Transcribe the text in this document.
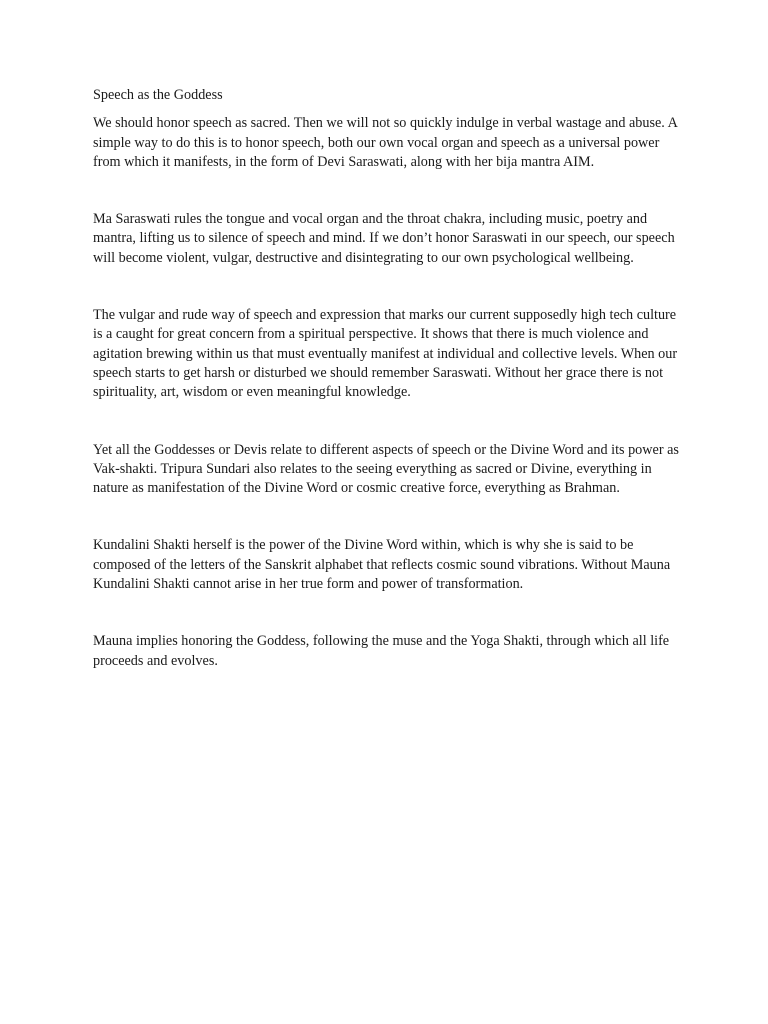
Speech as the Goddess

We should honor speech as sacred. Then we will not so quickly indulge in verbal wastage and abuse. A simple way to do this is to honor speech, both our own vocal organ and speech as a universal power from which it manifests, in the form of Devi Saraswati, along with her bija mantra AIM.

Ma Saraswati rules the tongue and vocal organ and the throat chakra, including music, poetry and mantra, lifting us to silence of speech and mind. If we don’t honor Saraswati in our speech, our speech will become violent, vulgar, destructive and disintegrating to our own psychological wellbeing.

The vulgar and rude way of speech and expression that marks our current supposedly high tech culture is a caught for great concern from a spiritual perspective. It shows that there is much violence and agitation brewing within us that must eventually manifest at individual and collective levels. When our speech starts to get harsh or disturbed we should remember Saraswati. Without her grace there is not spirituality, art, wisdom or even meaningful knowledge.

Yet all the Goddesses or Devis relate to different aspects of speech or the Divine Word and its power as Vak-shakti. Tripura Sundari also relates to the seeing everything as sacred or Divine, everything in nature as manifestation of the Divine Word or cosmic creative force, everything as Brahman.

Kundalini Shakti herself is the power of the Divine Word within, which is why she is said to be composed of the letters of the Sanskrit alphabet that reflects cosmic sound vibrations. Without Mauna Kundalini Shakti cannot arise in her true form and power of transformation.

Mauna implies honoring the Goddess, following the muse and the Yoga Shakti, through which all life proceeds and evolves.
